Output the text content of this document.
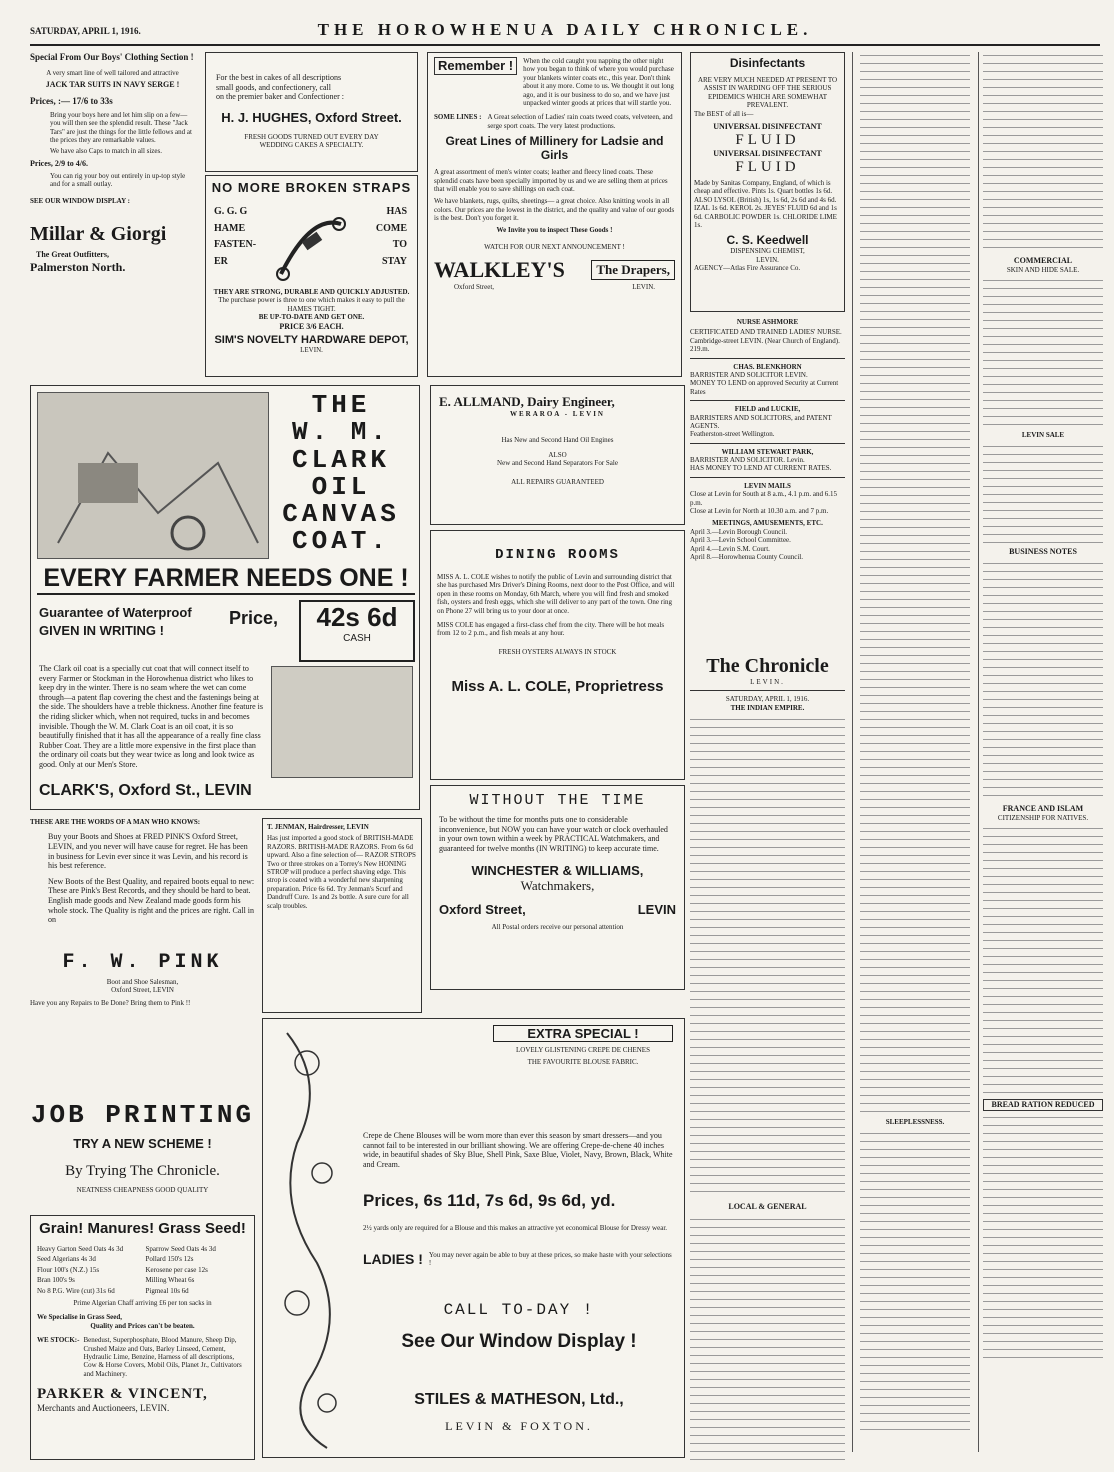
SATURDAY, APRIL 1, 1916.	THE HOROWHENUA DAILY CHRONICLE.
Special From Our Boys' Clothing Section !
A very smart line of well tailored and attractive
JACK TAR SUITS IN NAVY SERGE !
Prices, :— 17/6 to 33s
Bring your boys here and let him slip on a few—you will then see the splendid result. These "Jack Tars" are just the things for the little fellows and at the prices they are remarkable values.
We have also Caps to match in all sizes.
Prices, 2/9 to 4/6.
You can rig your boy out entirely in up-top style and for a small outlay.
SEE OUR WINDOW DISPLAY :
Millar & Giorgi
The Great Outfitters,
Palmerston North.
For the best in cakes of all descriptions
small goods, and confectionery, call
on the premier baker and Confectioner :
H. J. HUGHES, Oxford Street.
FRESH GOODS TURNED OUT EVERY DAY
WEDDING CAKES A SPECIALTY.
NO MORE BROKEN STRAPS
G. G. G
HAME
FASTEN-
ER
HAS
COME
TO
STAY
THEY ARE STRONG, DURABLE AND QUICKLY ADJUSTED.
The purchase power is three to one which makes it easy to pull the HAMES TIGHT.
BE UP-TO-DATE AND GET ONE.
PRICE 3/6 EACH.
SIM'S NOVELTY HARDWARE DEPOT,
LEVIN.
Remember !	When the cold caught you napping the other night how you began to think of where you would purchase your blankets winter coats etc., this year. Don't think about it any more. Come to us. We thought it out long ago, and it is our business to do so, and we have just unpacked winter goods at prices that will startle you.
SOME LINES : A Great selection of Ladies' rain coats tweed coats, velveteen, and serge sport coats. The very latest productions.
Great Lines of Millinery for Ladsie and Girls
A great assortment of men's winter coats; leather and fleecy lined coats. These splendid coats have been specially imported by us and we are selling them at prices that will enable you to save shillings on each coat.
We have blankets, rugs, quilts, sheetings— a great choice. Also knitting wools in all colors. Our prices are the lowest in the district, and the quality and value of our goods is the best. Don't you forget it.
We Invite you to inspect These Goods !
WATCH FOR OUR NEXT ANNOUNCEMENT !
WALKLEY'S	The Drapers,
Oxford Street,	LEVIN.
THE
W. M.
CLARK
OIL
CANVAS
COAT.
EVERY FARMER NEEDS ONE !
Guarantee of Waterproof GIVEN IN WRITING !
Price,	42s 6d
CASH
The Clark oil coat is a specially cut coat that will connect itself to every Farmer or Stockman in the Horowhenua district who likes to keep dry in the winter. There is no seam where the wet can come through—a patent flap covering the chest and the fastenings being at the side. The shoulders have a treble thickness. Another fine feature is the riding slicker which, when not required, tucks in and becomes invisible. Though the W. M. Clark Coat is an oil coat, it is so beautifully finished that it has all the appearance of a really fine class Rubber Coat. They are a little more expensive in the first place than the ordinary oil coats but they wear twice as long and look twice as good. Only at our Men's Store.
CLARK'S, Oxford St., LEVIN
E. ALLMAND, Dairy Engineer,
WERAROA - LEVIN
Has New and Second Hand Oil Engines
ALSO
New and Second Hand Separators For Sale
ALL REPAIRS GUARANTEED
DINING ROOMS
MISS A. L. COLE wishes to notify the public of Levin and surrounding district that she has purchased Mrs Driver's Dining Rooms, next door to the Post Office, and will open in these rooms on Monday, 6th March, where you will find fresh and smoked fish, oysters and fresh eggs, which she will deliver to any part of the town. One ring on Phone 27 will bring us to your door at once.
MISS COLE has engaged a first-class chef from the city. There will be hot meals from 12 to 2 p.m., and fish meals at any hour.
FRESH OYSTERS ALWAYS IN STOCK
Miss A. L. COLE, Proprietress
THESE ARE THE WORDS OF A MAN WHO KNOWS:
Buy your Boots and Shoes at FRED PINK'S Oxford Street, LEVIN, and you never will have cause for regret. He has been in business for Levin ever since it was Levin, and his record is his best reference.
New Boots of the Best Quality, and repaired boots equal to new: These are Pink's Best Records, and they should be hard to beat. English made goods and New Zealand made goods form his whole stock. The Quality is right and the prices are right. Call in on
F. W. PINK
Boot and Shoe Salesman,
Oxford Street, LEVIN
Have you any Repairs to Be Done? Bring them to Pink !!
T. JENMAN, Hairdresser, LEVIN
Has just imported a good stock of BRITISH-MADE RAZORS. BRITISH-MADE RAZORS. From 6s 6d upward. Also a fine selection of— RAZOR STROPS Two or three strokes on a Torrey's New HONING STROP will produce a perfect shaving edge. This strop is coated with a wonderful new sharpening preparation. Price 6s 6d. Try Jenman's Scurf and Dandruff Cure. 1s and 2s bottle. A sure cure for all scalp troubles.
WITHOUT THE TIME
To be without the time for months puts one to considerable inconvenience, but NOW you can have your watch or clock overhauled in your own town within a week by PRACTICAL Watchmakers, and guaranteed for twelve months (IN WRITING) to keep accurate time.
WINCHESTER & WILLIAMS,
Watchmakers,
Oxford Street,	LEVIN
All Postal orders receive our personal attention
JOB PRINTING
TRY A NEW SCHEME !
By Trying The Chronicle.
NEATNESS CHEAPNESS GOOD QUALITY
Grain! Manures! Grass Seed!
Heavy Garton Seed Oats 4s 3d	Sparrow Seed Oats 4s 3d
Seed Algerians 4s 3d	Pollard 150's 12s
Flour 100's (N.Z.) 15s	Kerosene per case 12s
Bran 100's 9s	Milling Wheat 6s
No 8 P.G. Wire (cut) 31s 6d	Pigmeal 10s 6d
Prime Algerian Chaff arriving £6 per ton sacks in
We Specialise in Grass Seed,
Quality and Prices can't be beaten.
WE STOCK:- Benedust, Superphosphate, Blood Manure, Sheep Dip, Crushed Maize and Oats, Barley Linseed, Cement, Hydraulic Lime, Benzine, Harness of all descriptions, Cow & Horse Covers, Mobil Oils, Planet Jr., Cultivators and Machinery.
PARKER & VINCENT,
Merchants and Auctioneers, LEVIN.
EXTRA SPECIAL !
LOVELY GLISTENING CREPE DE CHENES
THE FAVOURITE BLOUSE FABRIC.
Crepe de Chene Blouses will be worn more than ever this season by smart dressers—and you cannot fail to be interested in our brilliant showing. We are offering Crepe-de-chene 40 inches wide, in beautiful shades of Sky Blue, Shell Pink, Saxe Blue, Violet, Navy, Brown, Black, White and Cream.
Prices, 6s 11d, 7s 6d, 9s 6d, yd.
2½ yards only are required for a Blouse and this makes an attractive yet economical Blouse for Dressy wear.
LADIES ! You may never again be able to buy at these prices, so make haste with your selections !
CALL TO-DAY !
See Our Window Display !
STILES & MATHESON, Ltd.,
LEVIN & FOXTON.
Disinfectants
ARE VERY MUCH NEEDED AT PRESENT TO ASSIST IN WARDING OFF THE SERIOUS EPIDEMICS WHICH ARE SOMEWHAT PREVALENT.
The BEST of all is—
UNIVERSAL DISINFECTANT
FLUID
UNIVERSAL DISINFECTANT
FLUID
Made by Sanitas Company, England, of which is cheap and effective. Pints 1s. Quart bottles 1s 6d. ALSO LYSOL (British) 1s, 1s 6d, 2s 6d and 4s 6d. IZAL 1s 6d. KEROL 2s. JEYES' FLUID 6d and 1s 6d. CARBOLIC POWDER 1s. CHLORIDE LIME 1s.
C. S. Keedwell
DISPENSING CHEMIST,
LEVIN.
AGENCY—Atlas Fire Assurance Co.
NURSE ASHMORE
CERTIFICATED AND TRAINED LADIES' NURSE.
Cambridge-street LEVIN. (Near Church of England). 219.m.
CHAS. BLENKHORN
BARRISTER AND SOLICITOR LEVIN.
MONEY TO LEND on approved Security at Current Rates
FIELD and LUCKIE,
BARRISTERS AND SOLICITORS, and PATENT AGENTS.
Featherston-street Wellington.
WILLIAM STEWART PARK,
BARRISTER AND SOLICITOR. Levin.
HAS MONEY TO LEND AT CURRENT RATES.
LEVIN MAILS
Close at Levin for South at 8 a.m., 4.1 p.m. and 6.15 p.m.
Close at Levin for North at 10.30 a.m. and 7 p.m.
MEETINGS, AMUSEMENTS, ETC.
April 3.—Levin Borough Council.
April 3.—Levin School Committee.
April 4.—Levin S.M. Court.
April 8.—Horowhenua County Council.
The Chronicle
LEVIN.
SATURDAY, APRIL 1, 1916.
THE INDIAN EMPIRE.
LOCAL & GENERAL
SLEEPLESSNESS.
COMMERCIAL
SKIN AND HIDE SALE.
LEVIN SALE
BUSINESS NOTES
FRANCE AND ISLAM
CITIZENSHIP FOR NATIVES.
BREAD RATION REDUCED
